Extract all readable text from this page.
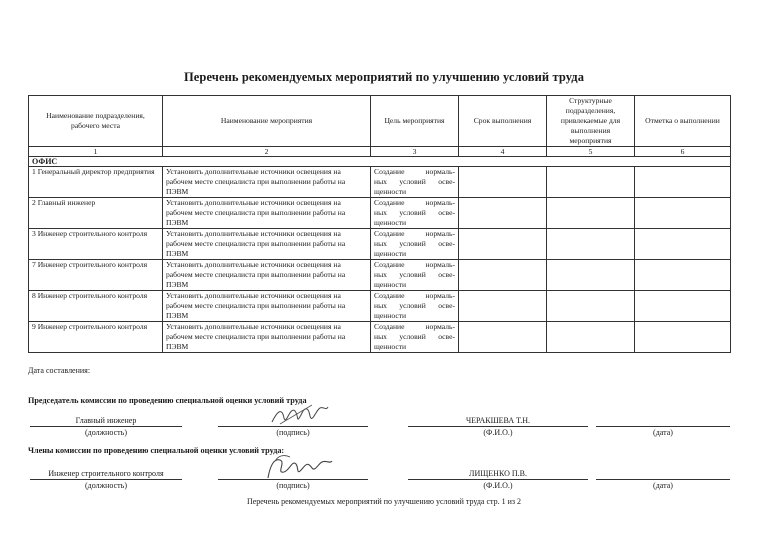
Перечень рекомендуемых мероприятий по улучшению условий труда
Наименование подразделения, рабочего места	Наименование мероприятия	Цель мероприятия	Срок выполнения	Структурные подразделения, привлекаемые для выполнения мероприятия	Отметка о выполнении
1	2	3	4	5	6
ОФИС					
1 Генеральный директор предприятия	Установить дополнительные источники освещения на рабочем месте специалиста при выполнении работы на ПЭВМ	Создание нормаль-
ных условий осве-
щенности			

2 Главный инженер	Установить дополнительные источники освещения на рабочем месте специалиста при выполнении работы на ПЭВМ	Создание нормаль-
ных условий осве-
щенности			

3 Инженер строительного контроля	Установить дополнительные источники освещения на рабочем месте специалиста при выполнении работы на ПЭВМ	Создание нормаль-
ных условий осве-
щенности			

7 Инженер строительного контроля	Установить дополнительные источники освещения на рабочем месте специалиста при выполнении работы на ПЭВМ	Создание нормаль-
ных условий осве-
щенности			

8 Инженер строительного контроля	Установить дополнительные источники освещения на рабочем месте специалиста при выполнении работы на ПЭВМ	Создание нормаль-
ных условий осве-
щенности			

9 Инженер строительного контроля	Установить дополнительные источники освещения на рабочем месте специалиста при выполнении работы на ПЭВМ	Создание нормаль-
ных условий осве-
щенности			

Дата составления:
Председатель комиссии по проведению специальной оценки условий труда
Главный инженер
(должность)	(подпись)
ЧЕРАКШЕВА Т.Н.
(Ф.И.О.)	(дата)
Члены комиссии по проведению специальной оценки условий труда:
Инженер строительного контроля
(должность)	(подпись)
ЛИЩЕНКО П.В.
(Ф.И.О.)	(дата)
Перечень рекомендуемых мероприятий по улучшению условий труда стр. 1 из 2
